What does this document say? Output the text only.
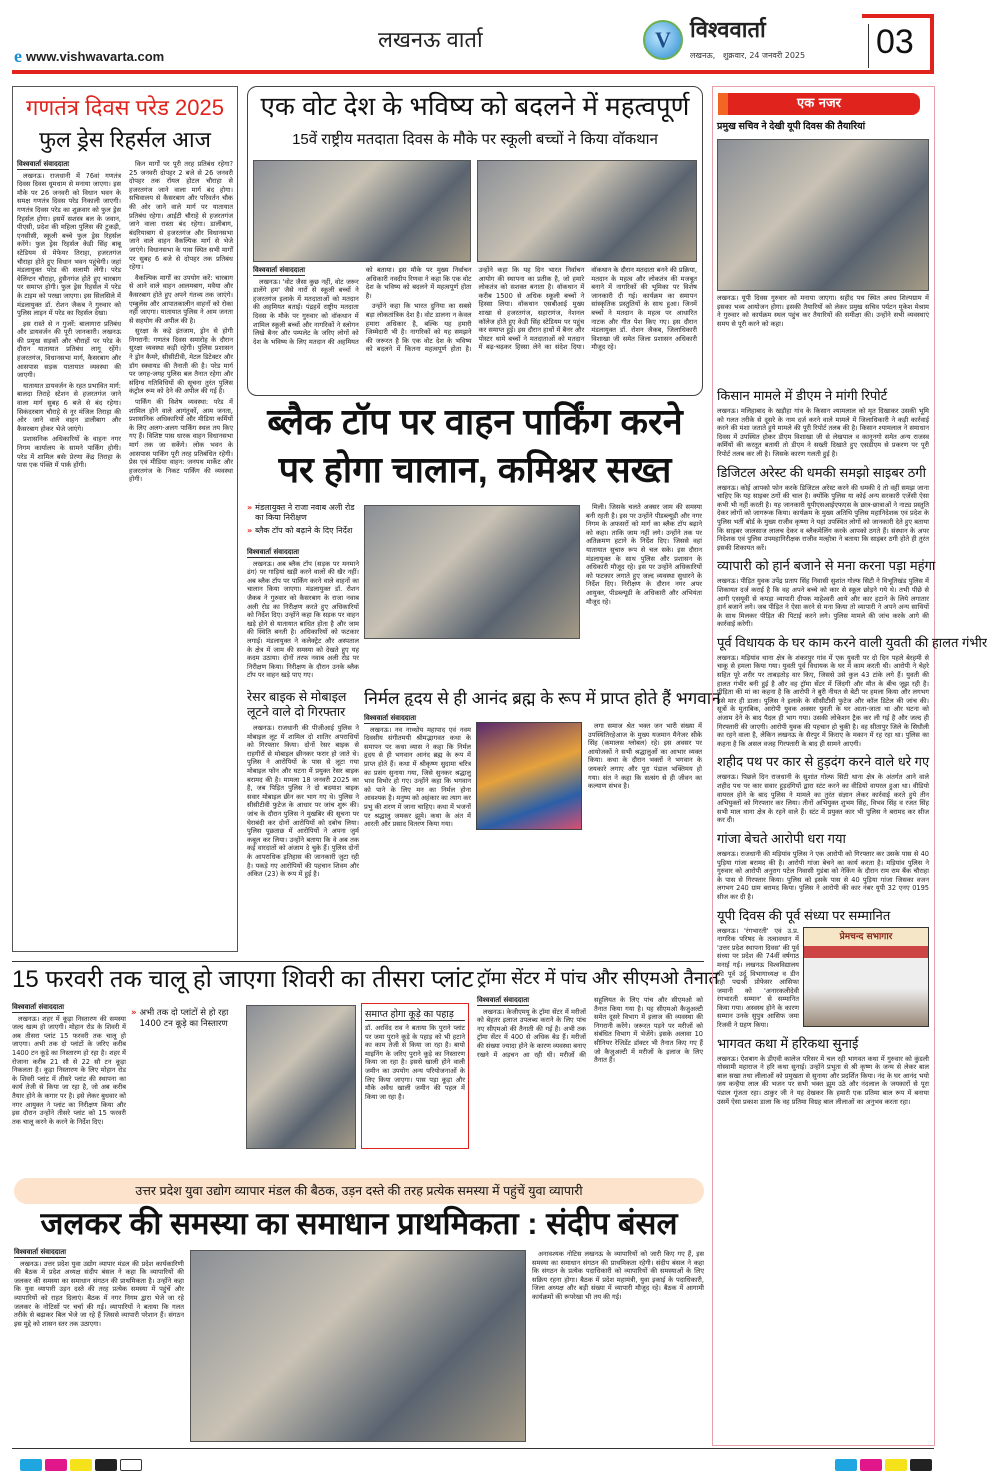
e www.vishwavarta.com
लखनऊ वार्ता	V विश्ववार्ता
लखनऊ,   शुक्रवार, 24 जनवरी 2025 03
गणतंत्र दिवस परेड 2025
फुल ड्रेस रिहर्सल आज
विश्ववार्ता संवाददाता

लखनऊ। राजधानी में 76वां गणतंत्र दिवस दिवस धूमधाम से मनाया जाएगा। इस मौके पर 26 जनवरी को विधान भवन के समक्ष गणतंत्र दिवस परेड निकाली जाएगी। गणतंत्र दिवस परेड का शुक्रवार को फुल ड्रेस रिहर्सल होगा। इसमें सशस्त्र बल के जवान, पीएसी, प्रदेश की महिला पुलिस की टुकड़ी, एनसीसी, स्कूली बच्चे फुल ड्रेस रिहर्सल करेंगे। फुल ड्रेस रिहर्सल केडी सिंह बाबू स्टेडियम से मेफेयर तिराहा, हजरतगंज चौराहा होते हुए विधान भवन पहुंचेगी। जहां मंडलायुक्त परेड की सलामी लेंगी। परेड वेलिंग्टन चौराहा, हुसैनगंज होते हुए चारबाग पर समाप्त होगी। फुल ड्रेस रिहर्सल में परेड के टाइम को परखा जाएगा। इस सिलसिले में मंडलायुक्त डॉ. रोशन जैकब ने गुरुवार को पुलिस लाइन में परेड का रिहर्सल देखा।

इस रास्ते से न गुजरें: बालागारा प्रतिबंध और डायवर्जन की पूरी जानकारी। लखनऊ की प्रमुख सड़कों और चौराहों पर परेड के दौरान यातायात प्रतिबंध लागू रहेंगे। हजरतगंज, विधानसभा मार्ग, कैसरबाग और आसपास सड़क यातायात व्यवस्था की जाएगी।

यातायात डायवर्जन के रहत प्रभावित मार्ग: बालदा तिराहे स्टेशन से हजरतगंज जाने वाला मार्ग सुबह 6 बजे से बंद रहेगा। सिकंदरबाग चौराहे से नूर मंजिल तिराहा की ओर जाने वाले वाहन डालीबाग और कैसरबाग होकर भेजे जाएंगे।

प्रशासनिक अधिकारियों के वाहनः नगर निगम कार्यालय के सामने पार्किंग होगी। परेड में शामिल बसेः प्रेरणा केंद्र तिराहा के पास एक पंक्ति में पार्क होंगी।

किन मार्गों पर पूरी तरह प्रतिबंध रहेगा? 25 जनवरी दोपहर 2 बजे से 26 जनवरी दोपहर तक रॉयल होटल चौराहा से हजरतगंज जाने वाला मार्ग बंद होगा। सचिवालय से कैसरबाग और परिवर्तन चौक की ओर जाने वाले मार्ग पर यातायात प्रतिबंध रहेगा। आईटी चौराहे से हजरतगंज जाने वाला रास्ता बंद रहेगा। डालीबाग, बंदरियाबाग से हजरतगंज और विधानसभा जाने वाले वाहन वैकल्पिक मार्ग से भेजे जाएंगे। विधानसभा के पास स्थित सभी मार्गों पर सुबह 6 बजे से दोपहर तक प्रतिबंध रहेगा।

वैकल्पिक मार्गों का उपयोग करें: चारबाग से आने वाले वाहन आलमबाग, मवैया और कैसरबाग होते हुए अपने गंतव्य तक जाएंगे। एम्बुलेंस और आपातकालीन वाहनों को रोका नहीं जाएगा। यातायात पुलिस ने आम जनता से सहयोग की अपील की है।

सुरक्षा के कड़े इंतजाम, ड्रोन से होगी निगरानी: गणतंत्र दिवस समारोह के दौरान सुरक्षा व्यवस्था कड़ी रहेगी। पुलिस प्रशासन ने ड्रोन कैमरे, सीसीटीवी, मेटल डिटेक्टर और डॉग स्क्वायड की तैनाती की है। परेड मार्ग पर जगह-जगह पुलिस बल तैनात रहेगा और संदिग्ध गतिविधियों की सूचना तुरंत पुलिस कंट्रोल रूम को देने की अपील की गई है।

पार्किंग की विशेष व्यवस्था: परेड में शामिल होने वाले आगंतुकों, आम जनता, प्रशासनिक अधिकारियों और मीडिया कर्मियों के लिए अलग-अलग पार्किंग स्थल तय किए गए हैं। विशिष्ट पास धारक वाहन विधानसभा मार्ग तक जा सकेंगे। लोक भवन के आसपास पार्किंग पूरी तरह प्रतिबंधित रहेगी। प्रेस एवं मीडिया वाहन: जनपथ मार्केट और हजरतगंज के निकट पार्किंग की व्यवस्था होगी।

एक वोट देश के भविष्य को बदलने में महत्वपूर्ण
15वें राष्ट्रीय मतदाता दिवस के मौके पर स्कूली बच्चों ने किया वॉकथान
विश्ववार्ता संवाददाता

लखनऊ। 'वोट जैसा कुछ नहीं, वोट जरूर डालेंगे हम' जैसे नारों से स्कूली बच्चों ने हजरतगंज इलाके में मतदाताओं को मतदान की अहमियत बताई। पंद्रहवें राष्ट्रीय मतदाता दिवस के मौके पर गुरुवार को वॉकथान में शामिल स्कूली बच्चों और नागरिकों ने स्लोगन लिखे बैनर और पम्पलेट के जरिए लोगों को देश के भविष्य के लिए मतदान की अहमियत को बताया। इस मौके पर मुख्य निर्वाचन अधिकारी नवदीप रिणवा ने कहा कि एक वोट देश के भविष्य को बदलने में महत्वपूर्ण होता है।

उन्होंने कहा कि भारत दुनिया का सबसे बड़ा लोकतांत्रिक देश है। वोट डालना न केवल हमारा अधिकार है, बल्कि यह हमारी जिम्मेदारी भी है। नागरिकों को यह समझने की जरूरत है कि एक वोट देश के भविष्य को बदलने में कितना महत्वपूर्ण होता है। उन्होंने कहा कि यह दिन भारत निर्वाचन आयोग की स्थापना का प्रतीक है, जो हमारे लोकतंत्र को सशक्त बनाता है। वॉकथान में करीब 1500 से अधिक स्कूली बच्चों ने हिस्सा लिया। वॉकथान एसबीआई मुख्य शाखा से हजरतगंज, सहारागंज, नेशनल कॉलेज होते हुए केडी सिंह स्टेडियम पर पहुंच कर समाप्त हुई। इस दौरान हाथों में बैनर और पोस्टर थामे बच्चों ने मतदाताओं को मतदान में बढ़-चढ़कर हिस्सा लेने का संदेश दिया। वॉकथान के दौरान मतदाता बनने की प्रक्रिया, मतदान के महत्व और लोकतंत्र की मजबूत बनाने में नागरिकों की भूमिका पर विशेष जानकारी दी गई। कार्यक्रम का समापन सांस्कृतिक प्रस्तुतियों के साथ हुआ। जिनमें बच्चों ने मतदान के महत्व पर आधारित नाटक और गीत पेश किए गए। इस दौरान मंडलायुक्त डॉ. रोशन जैकब, जिलाधिकारी विशाखा जी समेत जिला प्रशासन अधिकारी मौजूद रहे।

ब्लैक टॉप पर वाहन पार्किंग करने
पर होगा चालान, कमिश्नर सख्त
» मंडलायुक्त ने राजा नवाब अली रोड का किया निरीक्षण
» ब्लैक टॉप को बढ़ाने के दिए निर्देश
विश्ववार्ता संवाददाता

लखनऊ। अब ब्लैक टॉप (सड़क पर मनमाने ढंग) पर गाड़ियां खड़ी करने वालों की खैर नहीं। अब ब्लैक टॉप पर पार्किंग करने वाले वाहनों का चालान किया जाएगा। मंडलायुक्त डॉ. रोशन जैकब ने गुरुवार को कैसरबाग के राजा नवाब अली रोड का निरीक्षण करते हुए अधिकारियों को निर्देश दिए। उन्होंने कहा कि सड़क पर वाहन खड़े होने से यातायात बाधित होता है और जाम की स्थिति बनती है। अधिकारियों को फटकार लगाई। मंडलायुक्त ने कलेक्ट्रेट और अस्पताल के क्षेत्र में जाम की समस्या को देखते हुए यह कदम उठाया। दोनों तरफ नवाब अली रोड पर निरीक्षण किया। निरीक्षण के दौरान उनके ब्लैक टॉप पर वाहन खड़े पाए गए।

मिली। जिसके चलते अक्सर जाम की समस्या बनी रहती है। इस पर उन्होंने पीडब्ल्यूडी और नगर निगम के अफसरों को मार्ग का ब्लैक टॉप बढ़ाने को कहा। ताकि जाम नहीं लगे। उन्होंने तक पर अतिक्रमण हटाने के निर्देश दिए। जिससे वहां यातायात सुचारु रूप से चल सके। इस दौरान मंडलायुक्त के साथ पुलिस और प्रशासन के अधिकारी मौजूद रहे। इस पर उन्होंने अधिकारियों को फटकार लगाते हुए जल्द व्यवस्था सुधारने के निर्देश दिए। निरीक्षण के दौरान नगर अपर आयुक्त, पीडब्ल्यूडी के अधिकारी और अभियंता मौजूद रहे।

रेसर बाइक से मोबाइल
लूटने वाले दो गिरफ्तार

लखनऊ। राजधानी की पीजीआई पुलिस ने मोबाइल लूट में शामिल दो शातिर अपराधियों को गिरफ्तार किया। दोनों रेसर बाइक से राहगीरों से मोबाइल छीनकर फरार हो जाते थे। पुलिस ने आरोपियों के पास से लूटा गया मोबाइल फोन और घटना में प्रयुक्त रेसर बाइक बरामद की है। मामला 18 जनवरी 2025 का है, जब पिड़ित पुलिस ने दो बदमाश बाइक सवार मोबाइल छीन कर भाग गए थे। पुलिस ने सीसीटीवी फुटेज के आधार पर जांच शुरू की। जांच के दौरान पुलिस ने मुखबिर की सूचना पर घेराबंदी कर दोनों आरोपियों को दबोच लिया। पुलिस पूछताछ में आरोपियों ने अपना जुर्म कबूल कर लिया। उन्होंने बताया कि वे अब तक कई वारदातों को अंजाम दे चुके हैं। पुलिस दोनों के आपराधिक इतिहास की जानकारी जुटा रही है। पकड़े गए आरोपियों की पहचान शिवम और अंकित (23) के रूप में हुई है।

निर्मल हृदय से ही आनंद ब्रह्म के रूप में प्राप्त होते हैं भगवान
विश्ववार्ता संवाददाता

लखनऊ। नव नाथ्धोय महापाद एवं नवम दिवसीय संगीतमयी श्रीमद्भागवत कथा के समापन पर कथा व्यास ने कहा कि निर्मल हृदय से ही भगवान आनंद ब्रह्म के रूप में प्राप्त होते हैं। कथा में श्रीकृष्ण सुदामा चरित्र का प्रसंग सुनाया गया, जिसे सुनकर श्रद्धालु भाव विभोर हो गए। उन्होंने कहा कि भगवान को पाने के लिए मन का निर्मल होना आवश्यक है। मनुष्य को अहंकार का त्याग कर प्रभु की शरण में जाना चाहिए। कथा में भजनों पर श्रद्धालु जमकर झूमे। कथा के अंत में आरती और प्रसाद वितरण किया गया।

लगा समाज श्रेत भक्त जन भारी संख्या में उपस्थितिरहेआज के मुख्य यजमान मैनेजर सीके सिंह (कमालस ग्लोबल) रहे। इस अवसर पर आयोजकों ने सभी श्रद्धालुओं का आभार व्यक्त किया। कथा के दौरान भक्तों ने भगवान के जयकारे लगाए और पूरा पंडाल भक्तिमय हो गया। संत ने कहा कि सत्संग से ही जीवन का कल्याण संभव है।

15 फरवरी तक चालू हो जाएगा शिवरी का तीसरा प्लांट
विश्ववार्ता संवाददाता

लखनऊ। शहर में कूड़ा निस्तारण की समस्या जल्द खत्म हो जाएगी। मोहान रोड के शिवरी में अब तीसरा प्लांट 15 फरवरी तक चालू हो जाएगा। अभी तक दो प्लांटों के जरिए करीब 1400 टन कूड़े का निस्तारण हो रहा है। शहर में रोजाना करीब 21 सौ से 22 सौ टन कूड़ा निकलता है। कूड़ा निस्तारण के लिए मोहान रोड के शिवरी प्लांट में तीसरे प्लांट की स्थापना का कार्य तेजी से किया जा रहा है, जो अब करीब तैयार होने के कगार पर है। इसे लेकर बुधवार को नगर आयुक्त ने प्लांट का निरीक्षण किया और इस दौरान उन्होंने तीसरे प्लांट को 15 फरवरी तक चालू करने के करने के निर्देश दिए।

» अभी तक दो प्लांटों से हो रहा 1400 टन कूड़े का निस्तारण
समाप्त होगा कूड़े का पहाड़
डॉ. अरविंद राव ने बताया कि पुराने प्लांट पर जमा पुराने कूड़े के पहाड़ को भी हटाने का काम तेजी से किया जा रहा है। बायो माइनिंग के जरिए पुराने कूड़े का निस्तारण किया जा रहा है। इससे खाली होने वाली जमीन का उपयोग अन्य परियोजनाओं के लिए किया जाएगा। पास पड़ा कूड़ा और मौके अवैध खाली जमीन की पहल में किया जा रहा है।
ट्रॉमा सेंटर में पांच और सीएमओ तैनात
विश्ववार्ता संवाददाता

लखनऊ। केजीएमयू के ट्रॉमा सेंटर में मरीजों को बेहतर इलाज उपलब्ध कराने के लिए पांच नए सीएमओ की तैनाती की गई है। अभी तक ट्रॉमा सेंटर में 400 से अधिक बेड हैं। मरीजों की संख्या ज्यादा होने के कारण व्यवस्था बनाए रखने में अड़चन आ रही थी। मरीजों की सहूलियत के लिए पांच और सीएमओ को तैनात किया गया है। यह सीएमओ कैजुअल्टी समेत दूसरे विभाग में इलाज की व्यवस्था की निगरानी करेंगे। जरूरत पड़ने पर मरीजों को संबंधित विभाग में भेजेंगे। इसके अलावा 10 सीनियर रेजिडेंट डॉक्टर भी तैनात किए गए हैं जो कैजुअल्टी में मरीजों के इलाज के लिए तैनात हैं।

उत्तर प्रदेश युवा उद्योग व्यापार मंडल की बैठक, उड़न दस्ते की तरह प्रत्येक समस्या में पहुंचें युवा व्यापारी
जलकर की समस्या का समाधान प्राथमिकता : संदीप बंसल
विश्ववार्ता संवाददाता

लखनऊ। उत्तर प्रदेश युवा उद्योग व्यापार मंडल की प्रदेश कार्यकारिणी की बैठक में प्रदेश अध्यक्ष संदीप बंसल ने कहा कि व्यापारियों की जलकर की समस्या का समाधान संगठन की प्राथमिकता है। उन्होंने कहा कि युवा व्यापारी उड़न दस्ते की तरह प्रत्येक समस्या में पहुंचें और व्यापारियों को राहत दिलाएं। बैठक में नगर निगम द्वारा भेजे जा रहे जलकर के नोटिसों पर चर्चा की गई। व्यापारियों ने बताया कि गलत तरीके से बढ़ाकर बिल भेजे जा रहे हैं जिससे व्यापारी परेशान हैं। संगठन इस मुद्दे को शासन स्तर तक उठाएगा।

अनावश्यक नोटिस लखनऊ के व्यापारियों को जारी किए गए हैं, इस समस्या का समाधान संगठन की प्राथमिकता रहेगी। संदीप बंसल ने कहा कि संगठन के प्रत्येक पदाधिकारी को व्यापारियों की समस्याओं के लिए सक्रिय रहना होगा। बैठक में प्रदेश महामंत्री, युवा इकाई के पदाधिकारी, जिला अध्यक्ष और बड़ी संख्या में व्यापारी मौजूद रहे। बैठक में आगामी कार्यक्रमों की रूपरेखा भी तय की गई।

एक नजर
प्रमुख सचिव ने देखी यूपी दिवस की तैयारियां
लखनऊ। यूपी दिवस गुरुवार को मनाया जाएगा। सहीद पथ स्थित अवध शिल्पग्राम में इसका भव्य आयोजन होगा। इसकी तैयारियों को लेकर प्रमुख सचिव पर्यटन मुकेश मेश्राम ने गुरुवार को कार्यक्रम स्थल पहुंच कर तैयारियों की समीक्षा की। उन्होंने सभी व्यवस्थाएं समय से पूरी करने को कहा।
किसान मामले में डीएम ने मांगी रिपोर्ट
लखनऊ। मलिहाबाद के खड़ौहा गांव के किसान श्यामलाल को मृत दिखाकर उसकी भूमि को गलत तरीके से दूसरे के नाम दर्ज करने वाले मामले में जिलाधिकारी ने कड़ी कार्रवाई करने की मंशा जताते हुये मामले की पूरी रिपोर्ट तलब की है। किसान श्यामलाल ने समाधान दिवस में उपस्थित होकर डीएम विशाखा जी से लेखपाल व कानूनगो समेत अन्य राजस्व कर्मियों की करतूत बतायी तो डीएम ने सख्ती दिखाते हुए एसडीएम से प्रकरण पर पूरी रिपोर्ट तलब कर ली है। जिसके कारण गलती हुई है।
डिजिटल अरेस्ट की धमकी समझो साइबर ठगी
लखनऊ। कोई आपको फोन करके डिजिटल अरेस्ट करने की धमकी दे तो वहीं समझ जाना चाहिए कि यह साइबर ठगों की चाल है। क्योंकि पुलिस या कोई अन्य सरकारी एजेंसी ऐसा कभी भी नहीं करती है। यह जानकारी यूपीएसआईएफएस के छात्र-छात्राओं ने नाट्य प्रस्तुति देकर लोगों को जागरूक किया। कार्यक्रम के मुख्य अतिथि पुलिस महानिदेशक एवं प्रदेश के पुलिस भर्ती बोर्ड के मुख्य राजीव कृष्णा ने यहां उपस्थित लोगों को जानकारी देते हुए बताया कि साइबर जालसाज लालच देकर व ब्लैकमेलिंग करके आपको ठगते हैं। संस्थान के अपर निदेशक एवं पुलिस उपमहानिरीक्षक राजीव मल्होत्रा ने बताया कि साइबर ठगी होते ही तुरंत इसकी शिकायत करें।
व्यापारी को हार्न बजाने से मना करना पड़ा महंगा
लखनऊ। पीड़ित युवक उपेंद्र प्रताप सिंह निवासी सुशांत गोल्फ सिटी ने विभूतिखंड पुलिस में शिकायत दर्ज कराई है कि वह अपने बच्चे को कार से स्कूल छोड़ने गये थे। तभी पीछे से आगी एसयूवी से कपड़ा व्यापारी दीपक माहेश्वरी आये और कार हटाने के लिये लगातार हार्न बजाने लगे। जब पीड़ित ने ऐसा करने से मना किया तो व्यापारी ने अपने अन्य साथियों के साथ मिलकर पीड़ित की पिटाई करने लगे। पुलिस मामले की जांच करके आगे की कार्रवाई करेगी।
पूर्व विधायक के घर काम करने वाली युवती की हालत गंभीर
लखनऊ। मड़ियांव थाना क्षेत्र के शंकरपुर गांव में एक युवती पर दो दिन पहले बेरहमी से चाकू से हमला किया गया। युवती पूर्व विधायक के घर में काम करती थी। आरोपी ने चेहरे सहित पूरे शरीर पर ताबड़तोड़ वार किए, जिससे उसे कुल 43 टांके लगे हैं। युवती की हालत गंभीर बनी हुई है और वह ट्रॉमा सेंटर में जिंदगी और मौत के बीच जूझ रही है। पीड़िता की मां का कहना है कि आरोपी ने बुरी नीयत से बेटी पर हमला किया और लगभग उसे मार ही डाला। पुलिस ने इलाके के सीसीटीवी फुटेज और कॉल डिटेल की जांच की। सूत्रों के मुताबिक, आरोपी युवक अक्सर युवती के घर आता-जाता था और घटना को अंजाम देने के बाद पैदल ही भाग गया। उसकी लोकेशन ट्रैक कर ली गई है और जल्द ही गिरफ्तारी की जाएगी। आरोपी युवक की पहचान हो चुकी है। वह सीतापुर जिले के सिधौली का रहने वाला है, लेकिन लखनऊ के सैरपुर में किराए के मकान में रह रहा था। पुलिस का कहना है कि असल वजह गिरफ्तारी के बाद ही सामने आएगी।
शहीद पथ पर कार से हुड़दंग करने वाले धरे गए
लखनऊ। पिछले दिन राजधानी के सुशांत गोल्फ सिटी थाना क्षेत्र के अंतर्गत आने वाले शहीद पथ पर कार सवार हुड़दंगियों द्वारा स्टंट करने का वीडियो वायरल हुआ था। वीडियो वायरल होने के बाद पुलिस ने मामले का तुरंत संज्ञान लेकर कार्रवाई करते हुये तीन अभियुक्तों को गिरफ्तार कर लिया। तीनों अभियुक्त शुभम सिंह, विभव सिंह व रजत सिंह सभी माल थाना क्षेत्र के रहने वाले हैं। स्टंट में प्रयुक्त कार भी पुलिस ने बरामद कर सीज कर दी।
गांजा बेचते आरोपी धरा गया
लखनऊ। राजधानी की मड़ियांव पुलिस ने एक आरोपी को गिरफ्तार कर उसके पास से 40 पुड़िया गांजा बरामद की है। आरोपी गांजा बेचने का कार्य करता है। मड़ियांव पुलिस ने गुरुवार को आरोपी अनुराग पटेल निवासी गुडंबा को नेकिंग के दौरान राम राम बैंक चौराहा के पास से गिरफ्तार किया। पुलिस को इसके पास से 40 पुड़िया गांजा जिसका वजन लगभग 240 ग्राम बरामद किया। पुलिस ने आरोपी की कार नंबर यूपी 32 एनए 0195 सीज कर दी है।
यूपी दिवस की पूर्व संध्या पर सम्मानित
प्रेमचन्द सभागार
लखनऊ। 'रंगभारती' एवं उ.प्र. नागरिक परिषद के तत्वावधान में 'उत्तर प्रदेश स्थापना दिवस' की पूर्व संध्या पर प्रदेश की 74वीं वर्षगाठ मनाई गई। लखनऊ विश्वविद्यालय की पूर्व उर्दू विभागाध्यक्ष व डीन रही पद्मश्री प्रोफेसर आसिफा जमानी को 'अनारकलीदेवी रंगभारती सम्मान' से सम्मानित किया गया। अस्वस्थ होने के कारण सम्मान उनके सुपुत्र आसिफ जमा रिजवी ने ग्रहण किया।
भागवत कथा में हरिकथा सुनाई
लखनऊ। ऐशबाग के डीएवी कालेज परिसर में चल रही भागवत कथा में गुरुवार को कुंडली गोस्वामी महाराज ने हरि कथा सुनाई। उन्होंने प्रभुता से श्री कृष्ण के जन्म से लेकर बाल बाल सखा तथा लीलाओं को प्रमुखता से सुनाया और प्रदर्शित किया। नंद के घर आनंद भयो जय कन्हैया लाल की भजन पर सभी भक्त झूम उठे और नंदलाल के जयकारों से पूरा पंडाल गूंजता रहा। ठाकुर जी ने यह देखकर कि हमारी एक प्रतिमा बाल रूप में बनाया उसमें ऐसा प्रकाश डाला कि वह प्रतिमा विग्रह बाल लीलाओं का अनुभव करता रहा।
